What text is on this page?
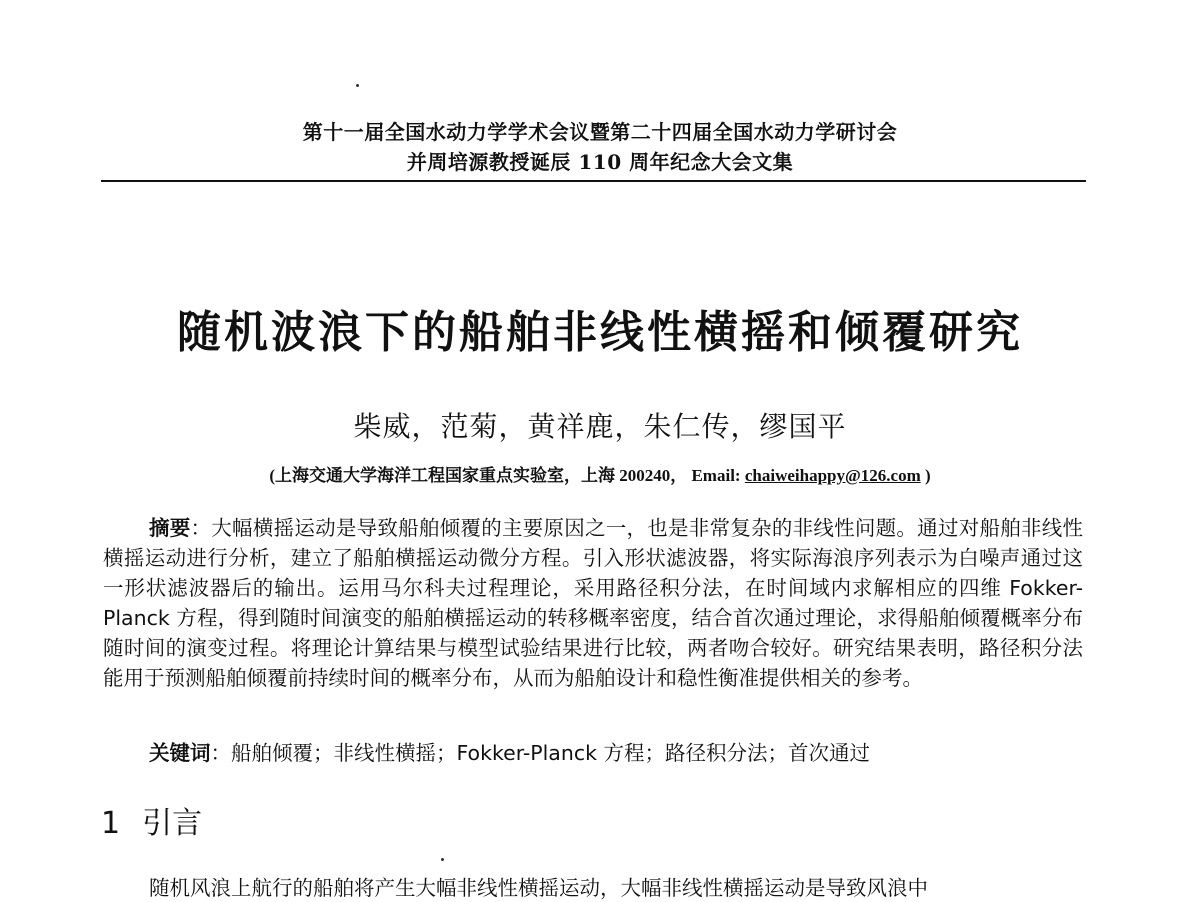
第十一届全国水动力学学术会议暨第二十四届全国水动力学研讨会
并周培源教授诞辰 110 周年纪念大会文集
随机波浪下的船舶非线性横摇和倾覆研究
柴威，范菊，黄祥鹿，朱仁传，缪国平
(上海交通大学海洋工程国家重点实验室，上海 200240， Email: chaiweihappy@126.com )

摘要：大幅横摇运动是导致船舶倾覆的主要原因之一，也是非常复杂的非线性问题。通过对船舶非线性横摇运动进行分析，建立了船舶横摇运动微分方程。引入形状滤波器，将实际海浪序列表示为白噪声通过这一形状滤波器后的输出。运用马尔科夫过程理论，采用路径积分法，在时间域内求解相应的四维 Fokker-Planck 方程，得到随时间演变的船舶横摇运动的转移概率密度，结合首次通过理论，求得船舶倾覆概率分布随时间的演变过程。将理论计算结果与模型试验结果进行比较，两者吻合较好。研究结果表明，路径积分法能用于预测船舶倾覆前持续时间的概率分布，从而为船舶设计和稳性衡准提供相关的参考。

关键词：船舶倾覆；非线性横摇；Fokker-Planck 方程；路径积分法；首次通过
1 引言
随机风浪上航行的船舶将产生大幅非线性横摇运动，大幅非线性横摇运动是导致风浪中
